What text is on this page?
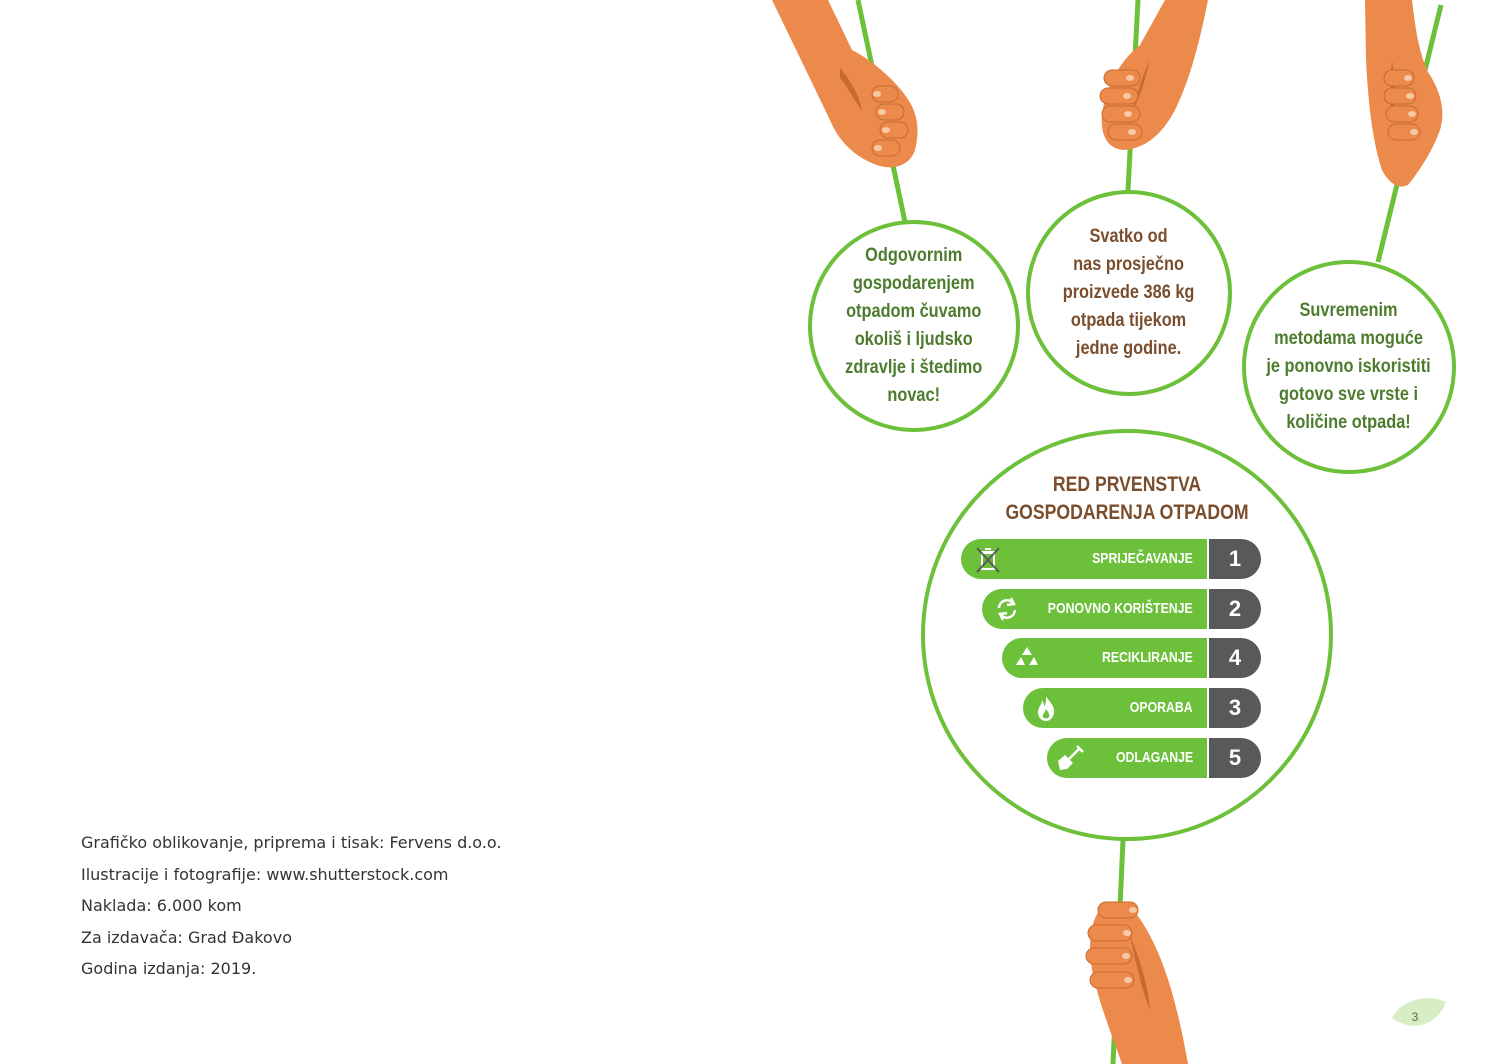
Odgovornim
gospodarenjem
otpadom čuvamo
okoliš i ljudsko
zdravlje i štedimo
novac!
Svatko od
nas prosječno
proizvede 386 kg
otpada tijekom
jedne godine.
Suvremenim
metodama moguće
je ponovno iskoristiti
gotovo sve vrste i
količine otpada!
RED PRVENSTVA
GOSPODARENJA OTPADOM
SPRIJEČAVANJE	1
PONOVNO KORIŠTENJE	2
RECIKLIRANJE	4
OPORABA	3
ODLAGANJE	5
Grafičko oblikovanje, priprema i tisak: Fervens d.o.o.
Ilustracije i fotografije: www.shutterstock.com
Naklada: 6.000 kom
Za izdavača: Grad Đakovo
Godina izdanja: 2019.
3
